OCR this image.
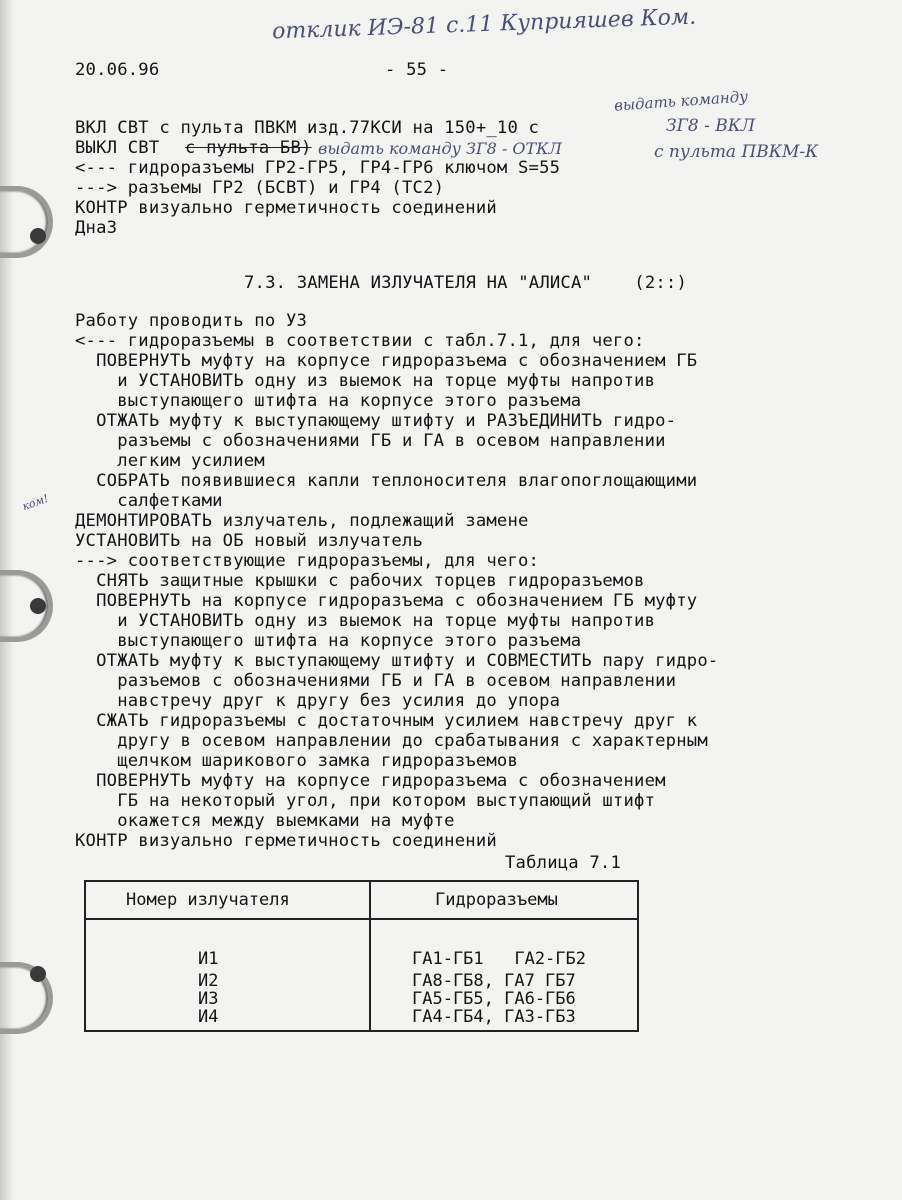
отклик ИЭ-81 с.11 Куприяшев Ком.
выдать команду
ЗГ8 - ВКЛ
выдать команду ЗГ8 - ОТКЛ	с пульта ПВКМ-К
ком!
20.06.96	- 55 -
ВКЛ СВТ с пульта ПВКМ изд.77КСИ на 150+_10 с
ВЫКЛ СВТ с пульта БВ)
<--- гидроразъемы ГР2-ГР5, ГР4-ГР6 ключом S=55
---> разъемы ГР2 (БСВТ) и ГР4 (ТС2)
КОНТР визуально герметичность соединений
ДнаЗ
7.3. ЗАМЕНА ИЗЛУЧАТЕЛЯ НА "АЛИСА"    (2::)
Работу проводить по УЗ
<--- гидроразъемы в соответствии с табл.7.1, для чего:
ПОВЕРНУТЬ муфту на корпусе гидроразъема с обозначением ГБ
и УСТАНОВИТЬ одну из выемок на торце муфты напротив
выступающего штифта на корпусе этого разъема
ОТЖАТЬ муфту к выступающему штифту и РАЗЪЕДИНИТЬ гидро-
разъемы с обозначениями ГБ и ГА в осевом направлении
легким усилием
СОБРАТЬ появившиеся капли теплоносителя влагопоглощающими
салфетками
ДЕМОНТИРОВАТЬ излучатель, подлежащий замене
УСТАНОВИТЬ на ОБ новый излучатель
---> соответствующие гидроразъемы, для чего:
СНЯТЬ защитные крышки с рабочих торцев гидроразъемов
ПОВЕРНУТЬ на корпусе гидроразъема с обозначением ГБ муфту
и УСТАНОВИТЬ одну из выемок на торце муфты напротив
выступающего штифта на корпусе этого разъема
ОТЖАТЬ муфту к выступающему штифту и СОВМЕСТИТЬ пару гидро-
разъемов с обозначениями ГБ и ГА в осевом направлении
навстречу друг к другу без усилия до упора
СЖАТЬ гидроразъемы с достаточным усилием навстречу друг к
другу в осевом направлении до срабатывания с характерным
щелчком шарикового замка гидроразъемов
ПОВЕРНУТЬ муфту на корпусе гидроразъема с обозначением
ГБ на некоторый угол, при котором выступающий штифт
окажется между выемками на муфте
КОНТР визуально герметичность соединений
Таблица 7.1
Номер излучателя	Гидроразъемы
И1	ГА1-ГБ1   ГА2-ГБ2
И2	ГА8-ГБ8, ГА7 ГБ7
И3	ГА5-ГБ5, ГА6-ГБ6
И4	ГА4-ГБ4, ГА3-ГБ3
